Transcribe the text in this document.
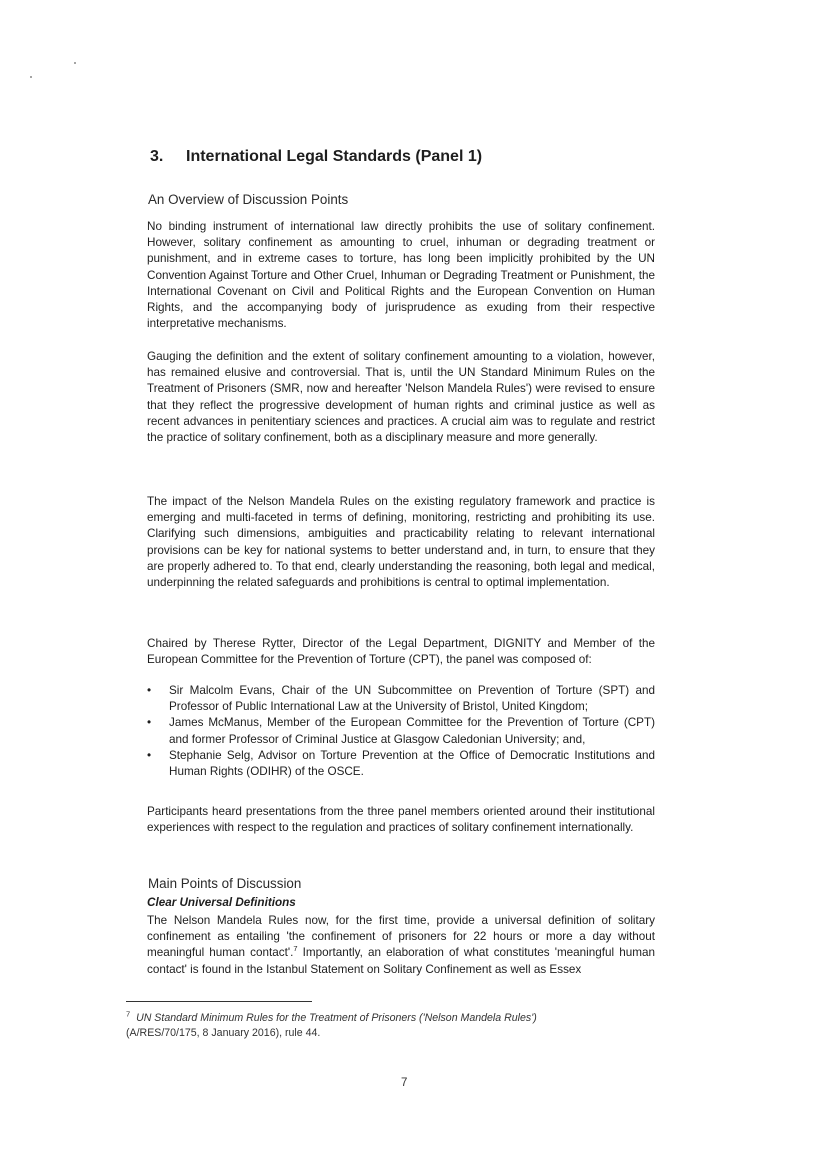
3. International Legal Standards (Panel 1)

An Overview of Discussion Points

No binding instrument of international law directly prohibits the use of solitary confinement. However, solitary confinement as amounting to cruel, inhuman or degrading treatment or punishment, and in extreme cases to torture, has long been implicitly prohibited by the UN Convention Against Torture and Other Cruel, Inhuman or Degrading Treatment or Punishment, the International Covenant on Civil and Political Rights and the European Convention on Human Rights, and the accompanying body of jurisprudence as exuding from their respective interpretative mechanisms.

Gauging the definition and the extent of solitary confinement amounting to a violation, however, has remained elusive and controversial. That is, until the UN Standard Minimum Rules on the Treatment of Prisoners (SMR, now and hereafter 'Nelson Mandela Rules') were revised to ensure that they reflect the progressive development of human rights and criminal justice as well as recent advances in penitentiary sciences and practices. A crucial aim was to regulate and restrict the practice of solitary confinement, both as a disciplinary measure and more generally.

The impact of the Nelson Mandela Rules on the existing regulatory framework and practice is emerging and multi-faceted in terms of defining, monitoring, restricting and prohibiting its use. Clarifying such dimensions, ambiguities and practicability relating to relevant international provisions can be key for national systems to better understand and, in turn, to ensure that they are properly adhered to. To that end, clearly understanding the reasoning, both legal and medical, underpinning the related safeguards and prohibitions is central to optimal implementation.

Chaired by Therese Rytter, Director of the Legal Department, DIGNITY and Member of the European Committee for the Prevention of Torture (CPT), the panel was composed of:

• Sir Malcolm Evans, Chair of the UN Subcommittee on Prevention of Torture (SPT) and Professor of Public International Law at the University of Bristol, United Kingdom;
• James McManus, Member of the European Committee for the Prevention of Torture (CPT) and former Professor of Criminal Justice at Glasgow Caledonian University; and,
• Stephanie Selg, Advisor on Torture Prevention at the Office of Democratic Institutions and Human Rights (ODIHR) of the OSCE.

Participants heard presentations from the three panel members oriented around their institutional experiences with respect to the regulation and practices of solitary confinement internationally.

Main Points of Discussion

Clear Universal Definitions

The Nelson Mandela Rules now, for the first time, provide a universal definition of solitary confinement as entailing 'the confinement of prisoners for 22 hours or more a day without meaningful human contact'.$^7$ Importantly, an elaboration of what constitutes 'meaningful human contact' is found in the Istanbul Statement on Solitary Confinement as well as Essex

$^7$ UN Standard Minimum Rules for the Treatment of Prisoners ('Nelson Mandela Rules')
(A/RES/70/175, 8 January 2016), rule 44.

7
